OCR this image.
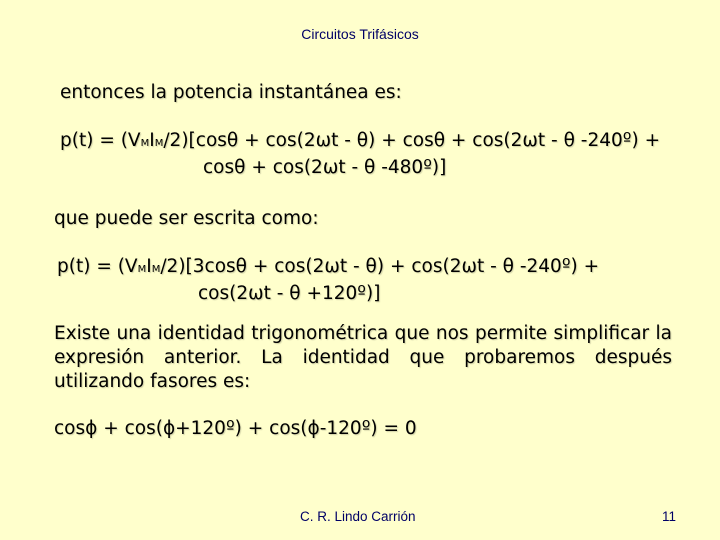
Circuitos Trifásicos
entonces la potencia instantánea es:
p(t) = (VMIM/2)[cosθ + cos(2ωt - θ) + cosθ + cos(2ωt - θ -240º) +
cosθ + cos(2ωt - θ -480º)]
que puede ser escrita como:
p(t) = (VMIM/2)[3cosθ + cos(2ωt - θ) + cos(2ωt - θ -240º) +
cos(2ωt - θ +120º)]
Existe una identidad trigonométrica que nos permite simplificar la expresión anterior. La identidad que probaremos después utilizando fasores es:
cosϕ + cos(ϕ+120º) + cos(ϕ-120º) = 0
C. R. Lindo Carrión	11
